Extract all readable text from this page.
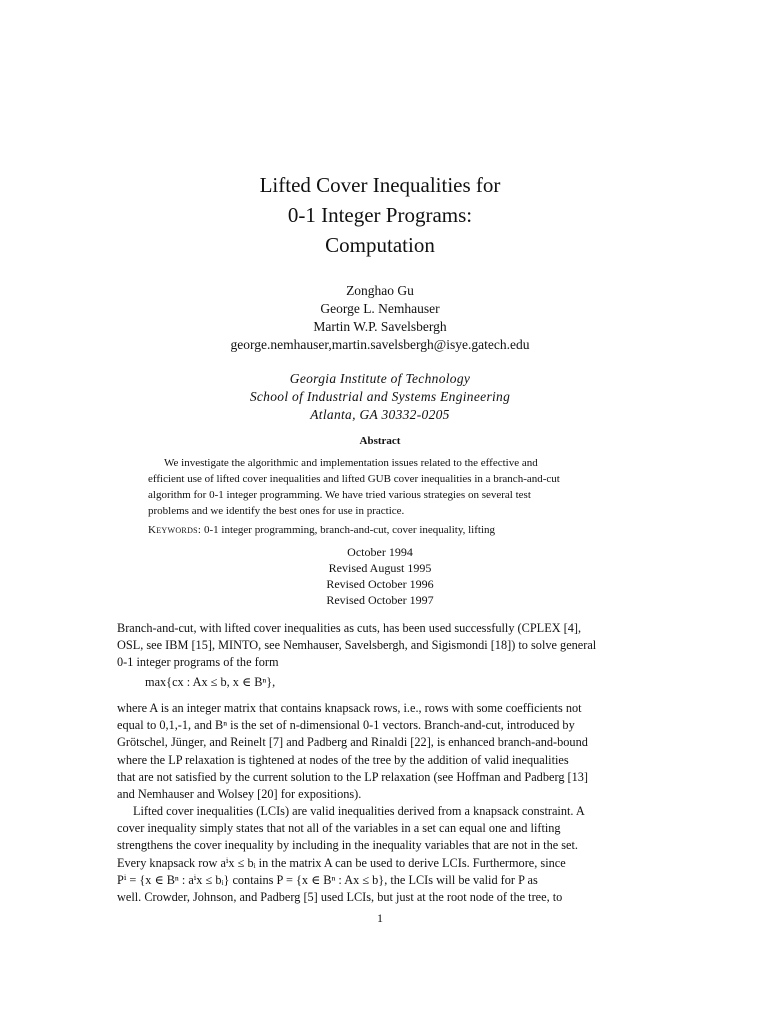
Lifted Cover Inequalities for
0-1 Integer Programs:
Computation
Zonghao Gu
George L. Nemhauser
Martin W.P. Savelsbergh
george.nemhauser,martin.savelsbergh@isye.gatech.edu
Georgia Institute of Technology
School of Industrial and Systems Engineering
Atlanta, GA 30332-0205
Abstract
We investigate the algorithmic and implementation issues related to the effective and
efficient use of lifted cover inequalities and lifted GUB cover inequalities in a branch-and-cut
algorithm for 0-1 integer programming. We have tried various strategies on several test
problems and we identify the best ones for use in practice.
Keywords: 0-1 integer programming, branch-and-cut, cover inequality, lifting
October 1994
Revised August 1995
Revised October 1996
Revised October 1997
Branch-and-cut, with lifted cover inequalities as cuts, has been used successfully (CPLEX [4],
OSL, see IBM [15], MINTO, see Nemhauser, Savelsbergh, and Sigismondi [18]) to solve general
0-1 integer programs of the form
max{cx : Ax ≤ b, x ∈ Bⁿ},
where A is an integer matrix that contains knapsack rows, i.e., rows with some coefficients not
equal to 0,1,-1, and Bⁿ is the set of n-dimensional 0-1 vectors. Branch-and-cut, introduced by
Grötschel, Jünger, and Reinelt [7] and Padberg and Rinaldi [22], is enhanced branch-and-bound
where the LP relaxation is tightened at nodes of the tree by the addition of valid inequalities
that are not satisfied by the current solution to the LP relaxation (see Hoffman and Padberg [13]
and Nemhauser and Wolsey [20] for expositions).
Lifted cover inequalities (LCIs) are valid inequalities derived from a knapsack constraint. A
cover inequality simply states that not all of the variables in a set can equal one and lifting
strengthens the cover inequality by including in the inequality variables that are not in the set.
Every knapsack row aⁱx ≤ bᵢ in the matrix A can be used to derive LCIs. Furthermore, since
Pⁱ = {x ∈ Bⁿ : aⁱx ≤ bᵢ} contains P = {x ∈ Bⁿ : Ax ≤ b}, the LCIs will be valid for P as
well. Crowder, Johnson, and Padberg [5] used LCIs, but just at the root node of the tree, to
1
